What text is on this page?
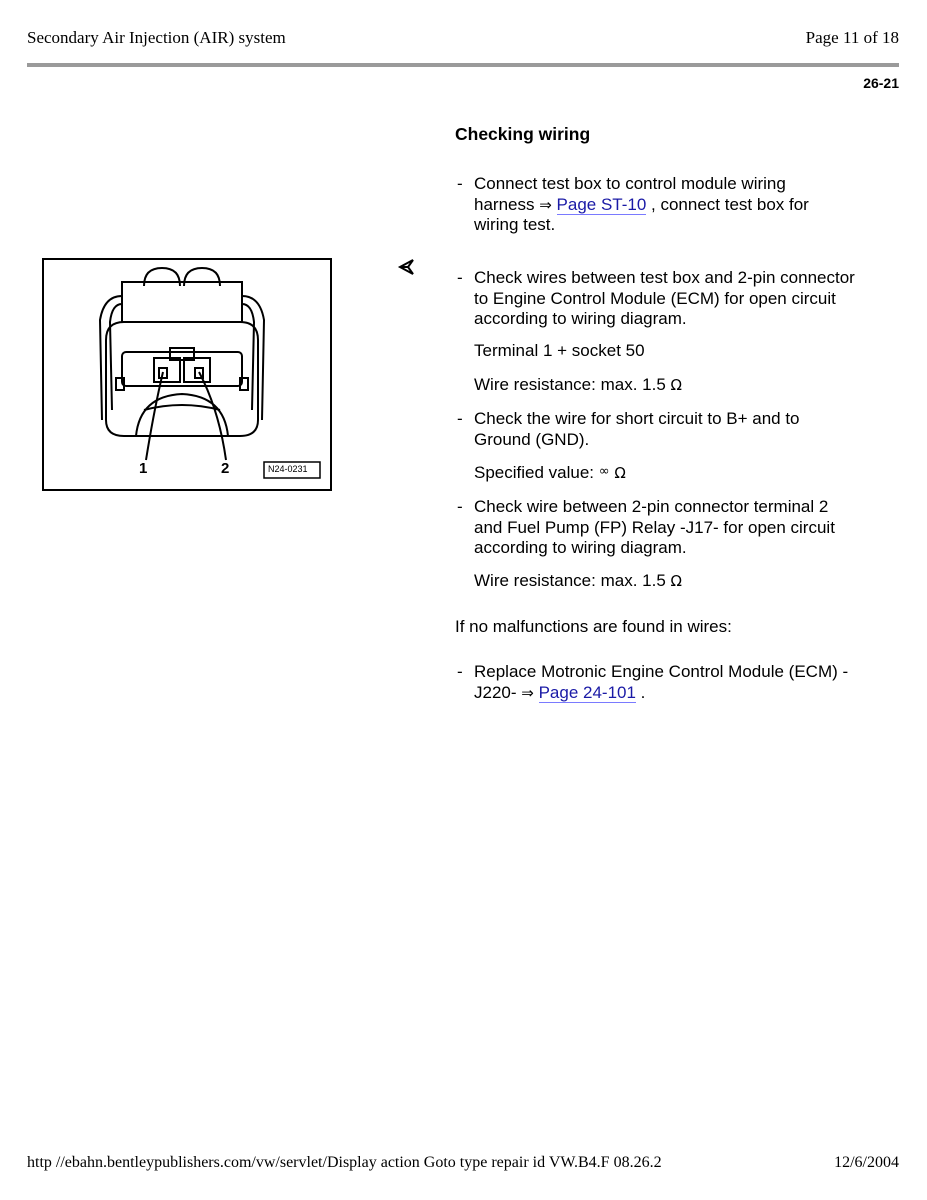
Secondary Air Injection (AIR) system	Page 11 of 18
26-21
Checking wiring
- Connect test box to control module wiring
harness ⇒ Page ST-10 , connect test box for
wiring test.
- Check wires between test box and 2-pin connector
to Engine Control Module (ECM) for open circuit
according to wiring diagram.
Terminal 1 + socket 50
Wire resistance: max. 1.5 Ω
- Check the wire for short circuit to B+ and to
Ground (GND).
Specified value: ∞ Ω
- Check wire between 2-pin connector terminal 2
and Fuel Pump (FP) Relay -J17- for open circuit
according to wiring diagram.
Wire resistance: max. 1.5 Ω
If no malfunctions are found in wires:
- Replace Motronic Engine Control Module (ECM) -
J220- ⇒ Page 24-101 .
1	2	N24-0231
http //ebahn.bentleypublishers.com/vw/servlet/Display action Goto type repair id VW.B4.F 08.26.2	12/6/2004
